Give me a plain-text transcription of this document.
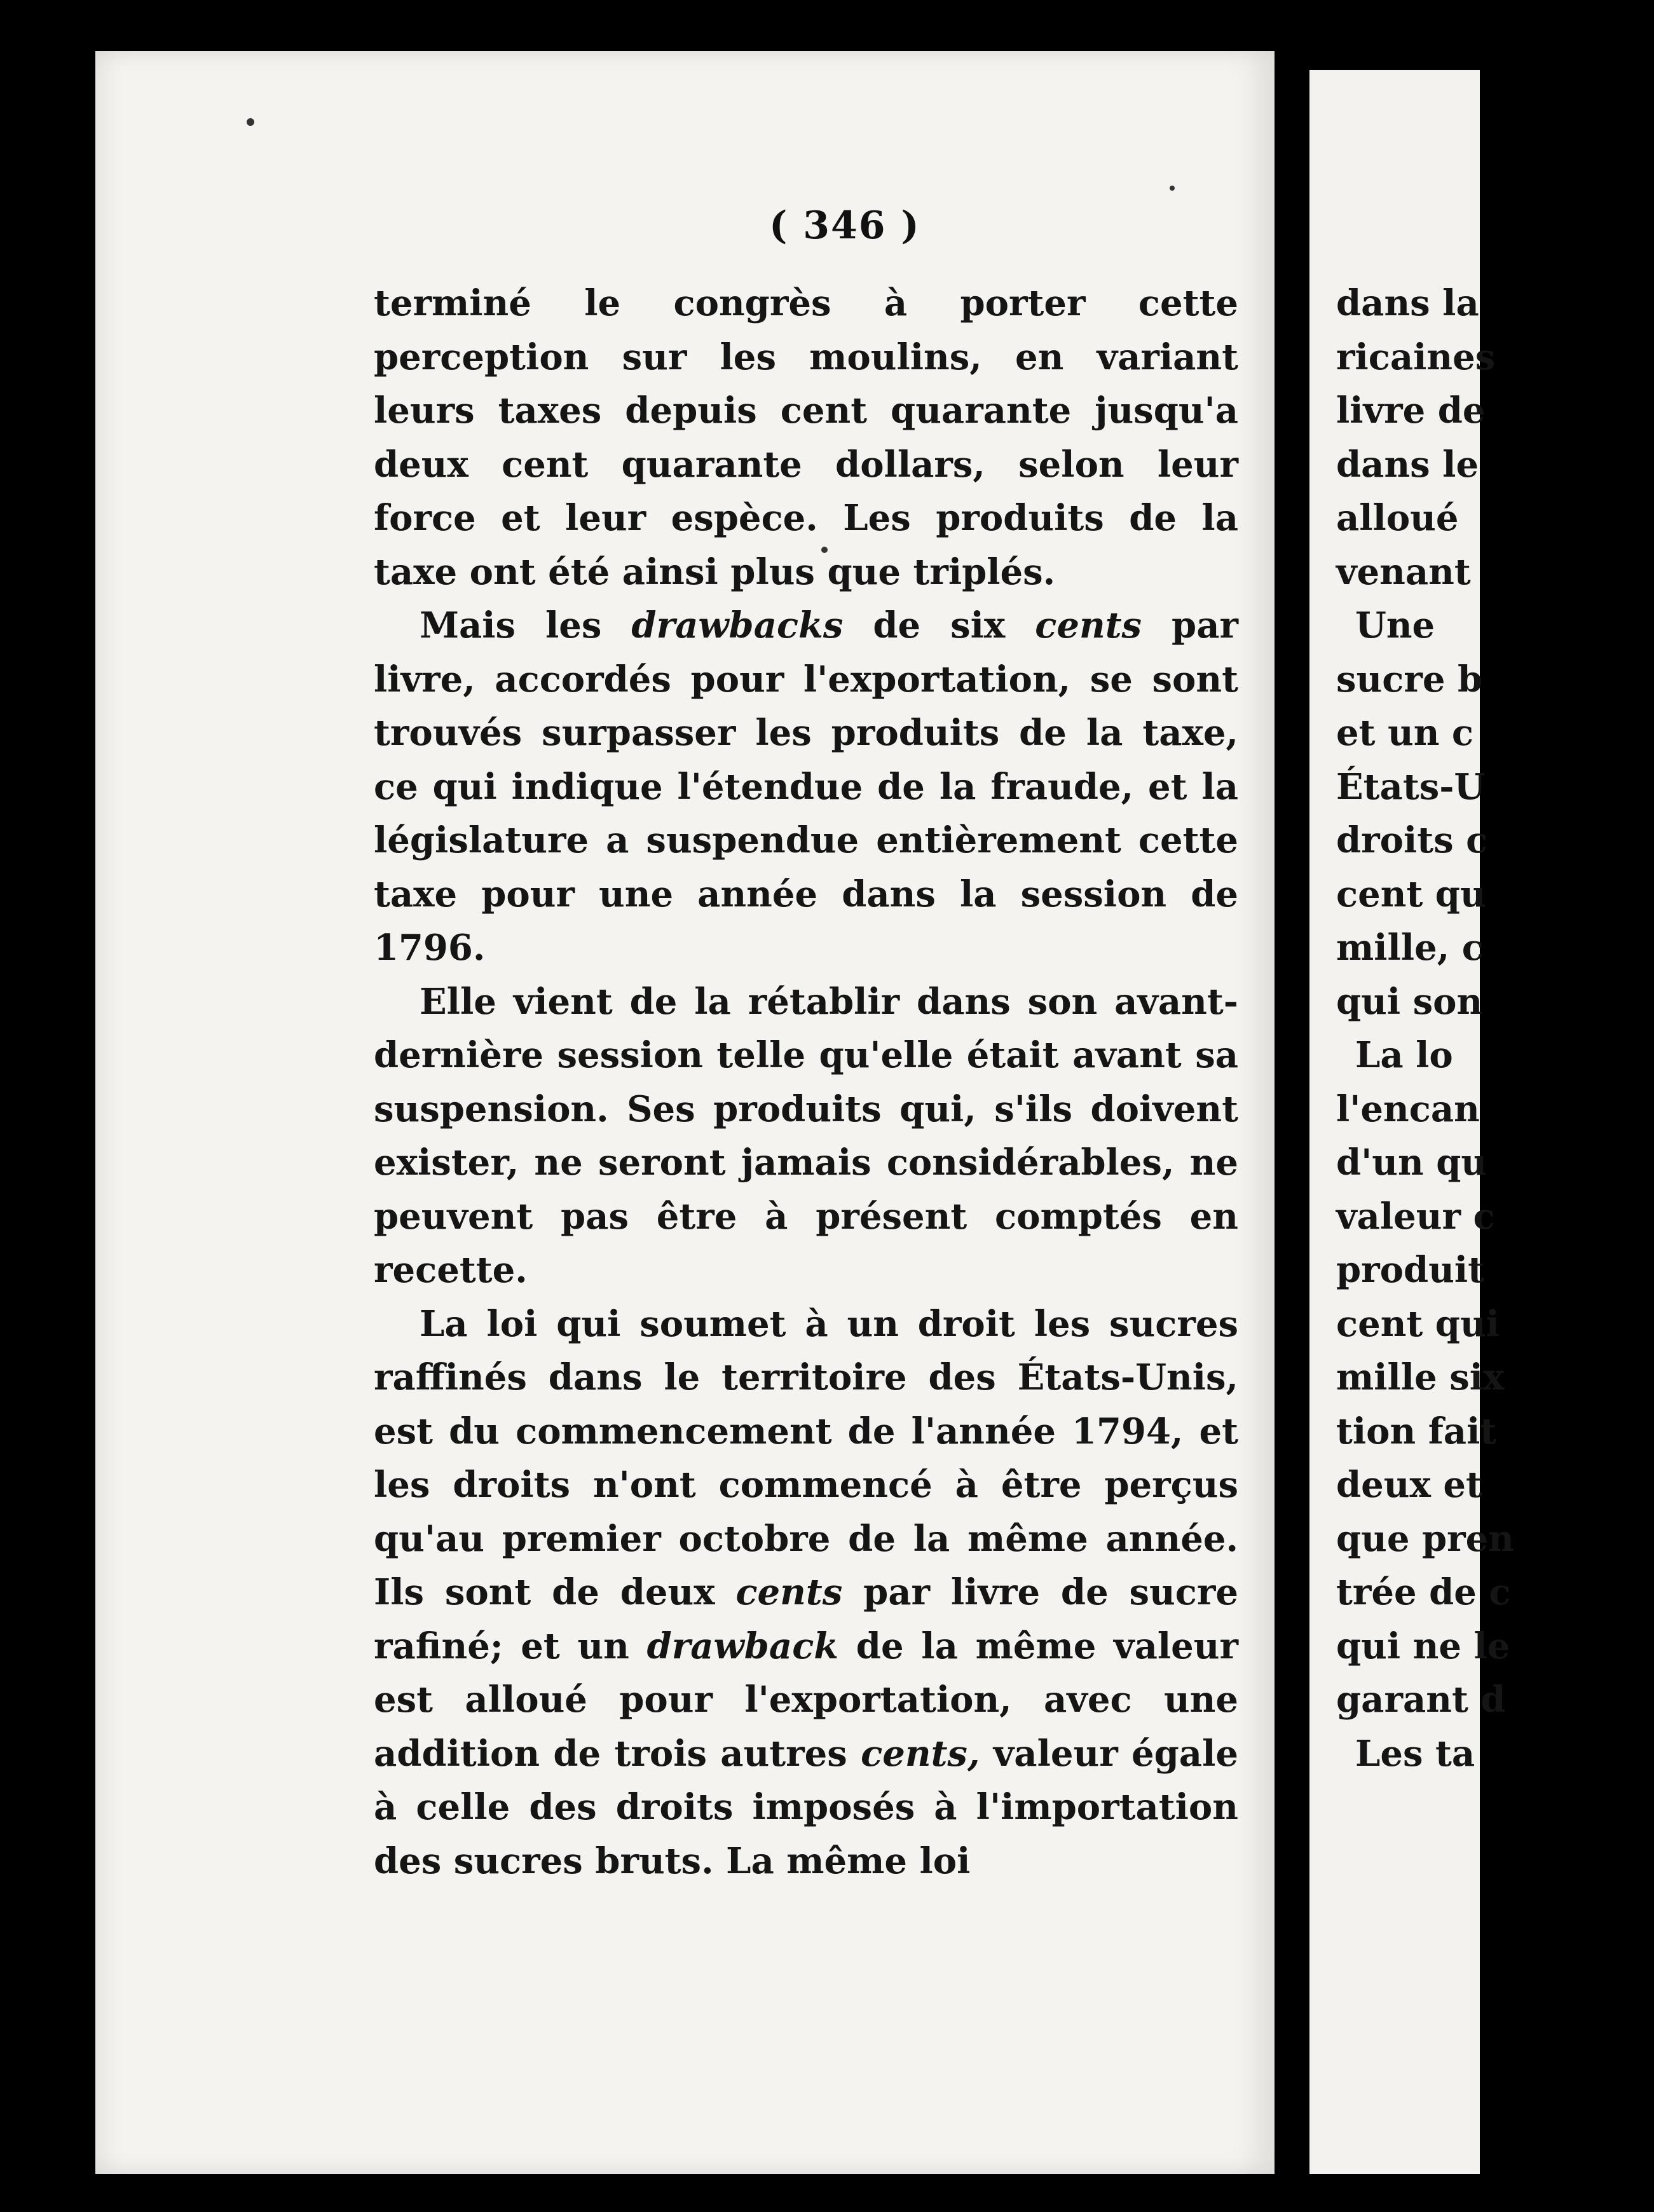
( 346 )

terminé le congrès à porter cette perception sur les moulins, en variant leurs taxes depuis cent quarante jusqu'a deux cent quarante dollars, selon leur force et leur espèce. Les produits de la taxe ont été ainsi plus que triplés.

Mais les drawbacks de six cents par livre, accordés pour l'exportation, se sont trouvés surpasser les produits de la taxe, ce qui indique l'étendue de la fraude, et la législature a suspendue entièrement cette taxe pour une année dans la session de 1796.

Elle vient de la rétablir dans son avant-dernière session telle qu'elle était avant sa suspension. Ses produits qui, s'ils doivent exister, ne seront jamais considérables, ne peuvent pas être à présent comptés en recette.

La loi qui soumet à un droit les sucres raffinés dans le territoire des États-Unis, est du commencement de l'année 1794, et les droits n'ont commencé à être perçus qu'au premier octobre de la même année. Ils sont de deux cents par livre de sucre rafiné; et un drawback de la même valeur est alloué pour l'exportation, avec une addition de trois autres cents, valeur égale à celle des droits imposés à l'importation des sucres bruts. La même loi

dans la
ricaines
livre de
dans le
alloué
venant
Une
sucre b
et un c
États-U
droits c
cent qu
mille, c
qui son
La lo
l'encan
d'un qu
valeur c
produit
cent qui
mille six
tion fait
deux et
que pren
trée de c
qui ne le
garant d
Les ta
